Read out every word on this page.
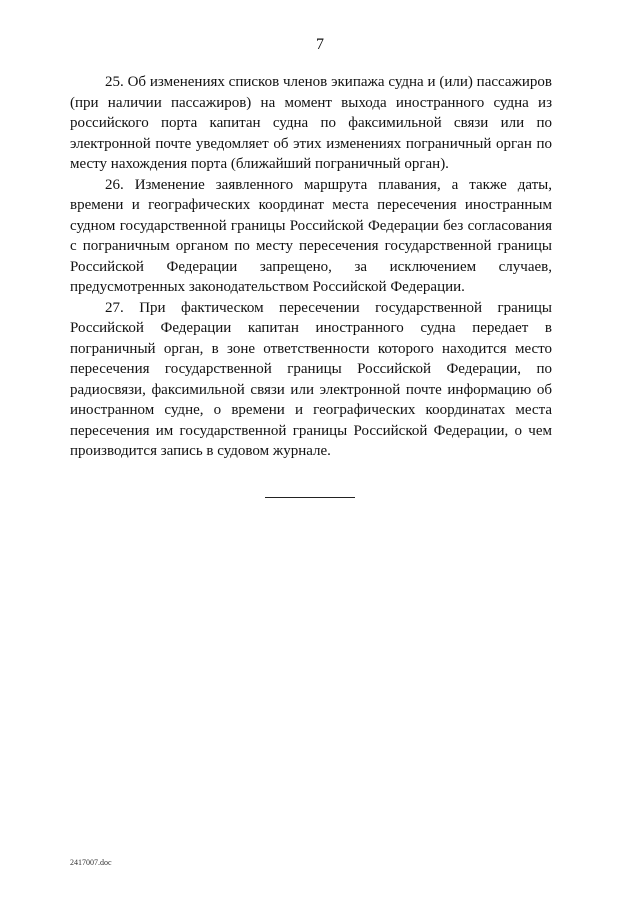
7

25. Об изменениях списков членов экипажа судна и (или) пассажиров (при наличии пассажиров) на момент выхода иностранного судна из российского порта капитан судна по факсимильной связи или по электронной почте уведомляет об этих изменениях пограничный орган по месту нахождения порта (ближайший пограничный орган).

26. Изменение заявленного маршрута плавания, а также даты, времени и географических координат места пересечения иностранным судном государственной границы Российской Федерации без согласования с пограничным органом по месту пересечения государственной границы Российской Федерации запрещено, за исключением случаев, предусмотренных законодательством Российской Федерации.

27. При фактическом пересечении государственной границы Российской Федерации капитан иностранного судна передает в пограничный орган, в зоне ответственности которого находится место пересечения государственной границы Российской Федерации, по радиосвязи, факсимильной связи или электронной почте информацию об иностранном судне, о времени и географических координатах места пересечения им государственной границы Российской Федерации, о чем производится запись в судовом журнале.

2417007.doc
